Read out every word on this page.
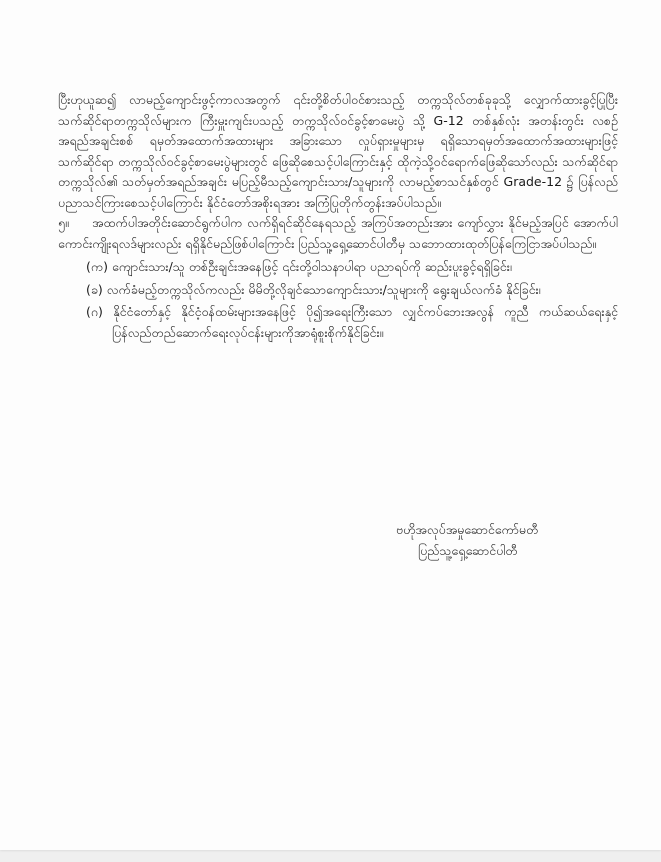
ပြီးဟုယူဆ၍ လာမည့်ကျောင်းဖွင့်ကာလအတွက် ၎င်းတို့စိတ်ပါဝင်စားသည့် တက္ကသိုလ်တစ်ခုခုသို့ လျှောက်ထားခွင့်ပြုပြီး သက်ဆိုင်ရာတက္ကသိုလ်များက ကြီးမှူးကျင်းပသည့် တက္ကသိုလ်ဝင်ခွင့်စာမေးပွဲ သို့ G-12 တစ်နှစ်လုံး အတန်းတွင်း လစဉ်အရည်အချင်းစစ် ရမှတ်အထောက်အထားများ အခြားသော လှုပ်ရှားမှုများမှ ရရှိသောရမှတ်အထောက်အထားများဖြင့်သက်ဆိုင်ရာ တက္ကသိုလ်ဝင်ခွင့်စာမေးပွဲများတွင် ဖြေဆိုစေသင့်ပါကြောင်းနှင့် ထိုကဲ့သို့ဝင်ရောက်ဖြေဆိုသော်လည်း သက်ဆိုင်ရာတက္ကသိုလ်၏ သတ်မှတ်အရည်အချင်း မပြည့်မီသည့်ကျောင်းသား/သူများကို လာမည့်စာသင်နှစ်တွင် Grade-12 ၌ ပြန်လည်ပညာသင်ကြားစေသင့်ပါကြောင်း နိုင်ငံတော်အစိုးရအား အကြံပြုတိုက်တွန်းအပ်ပါသည်။

၅။ အထက်ပါအတိုင်းဆောင်ရွက်ပါက လက်ရှိရင်ဆိုင်နေရသည့် အကြပ်အတည်းအား ကျော်လွှား နိုင်မည့်အပြင် အောက်ပါကောင်းကျိုးရလဒ်များလည်း ရရှိနိုင်မည်ဖြစ်ပါကြောင်း ပြည်သူ့ရှေ့ဆောင်ပါတီမှ သဘောထားထုတ်ပြန်ကြေငြာအပ်ပါသည်။

(က) ကျောင်းသား/သူ တစ်ဦးချင်းအနေဖြင့် ၎င်းတို့ဝါသနာပါရာ ပညာရပ်ကို ဆည်းပူးခွင့်ရရှိခြင်း၊
(ခ) လက်ခံမည့်တက္ကသိုလ်ကလည်း မိမိတို့လိုချင်သောကျောင်းသား/သူများကို ရွေးချယ်လက်ခံ နိုင်ခြင်း၊
(ဂ) နိုင်ငံတော်နှင့် နိုင်ငံ့ဝန်ထမ်းများအနေဖြင့် ပို၍အရေးကြီးသော လျှင်ကပ်ဘေးအလွန် ကူညီ ကယ်ဆယ်ရေးနှင့် ပြန်လည်တည်ဆောက်ရေးလုပ်ငန်းများကိုအာရုံစူးစိုက်နိုင်ခြင်း။
ဗဟိုအလုပ်အမှုဆောင်ကော်မတီ
ပြည်သူ့ရှေ့ဆောင်ပါတီ
